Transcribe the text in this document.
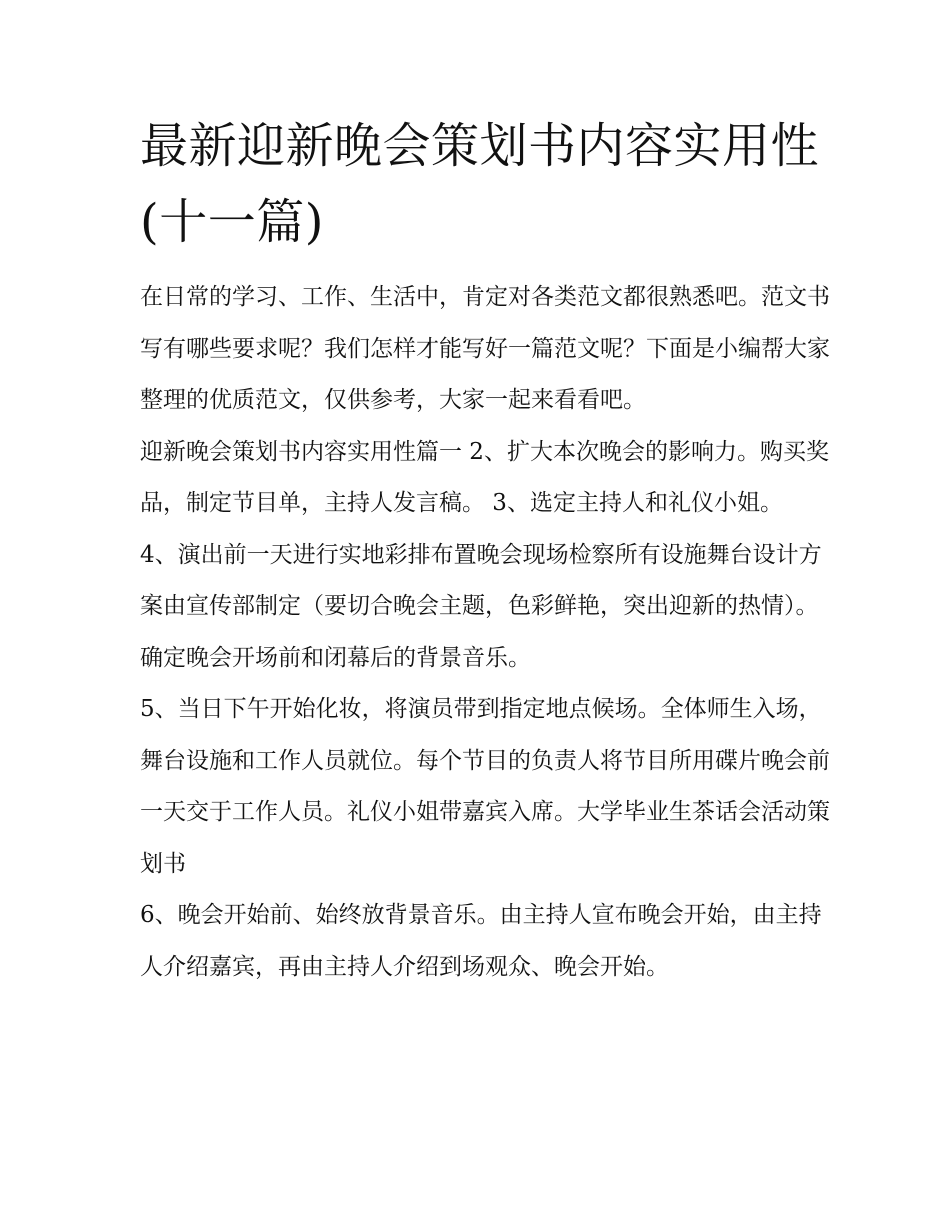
最新迎新晚会策划书内容实用性(十一篇)

在日常的学习、工作、生活中，肯定对各类范文都很熟悉吧。范文书写有哪些要求呢？我们怎样才能写好一篇范文呢？下面是小编帮大家整理的优质范文，仅供参考，大家一起来看看吧。

迎新晚会策划书内容实用性篇一 2、扩大本次晚会的影响力。购买奖品，制定节目单，主持人发言稿。 3、选定主持人和礼仪小姐。

4、演出前一天进行实地彩排布置晚会现场检察所有设施舞台设计方案由宣传部制定（要切合晚会主题，色彩鲜艳，突出迎新的热情）。确定晚会开场前和闭幕后的背景音乐。

5、当日下午开始化妆，将演员带到指定地点候场。全体师生入场，舞台设施和工作人员就位。每个节目的负责人将节目所用碟片晚会前一天交于工作人员。礼仪小姐带嘉宾入席。大学毕业生茶话会活动策划书

6、晚会开始前、始终放背景音乐。由主持人宣布晚会开始，由主持人介绍嘉宾，再由主持人介绍到场观众、晚会开始。
